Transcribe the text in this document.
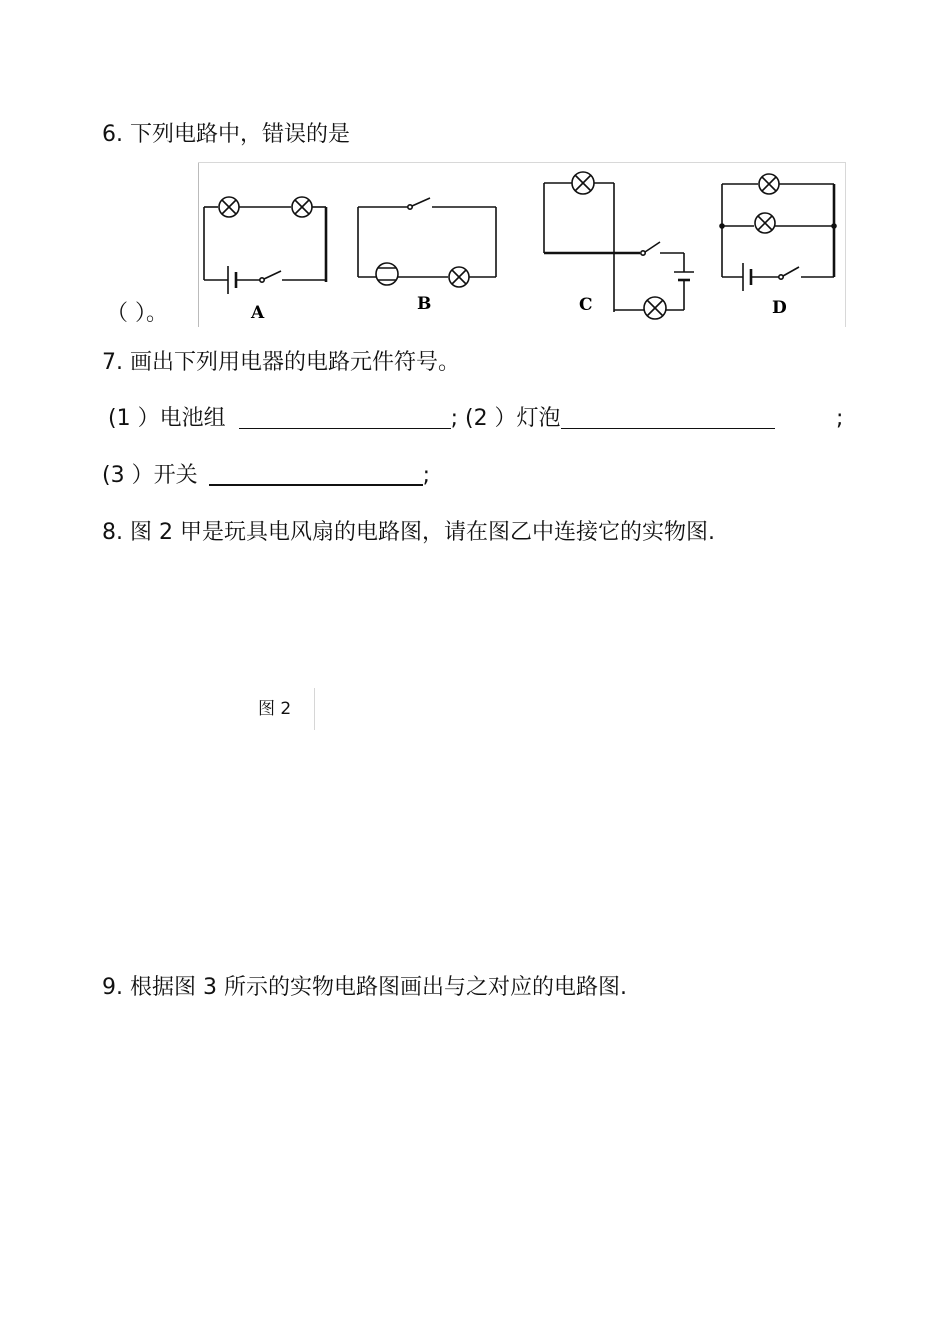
6. 下列电路中，错误的是
A	B	C	D
（ ）。
7. 画出下列用电器的电路元件符号。
(1 ）电池组	; (2 ）灯泡	;
(3 ）开关	;
8. 图 2 甲是玩具电风扇的电路图，请在图乙中连接它的实物图.
图 2
9. 根据图 3 所示的实物电路图画出与之对应的电路图.
